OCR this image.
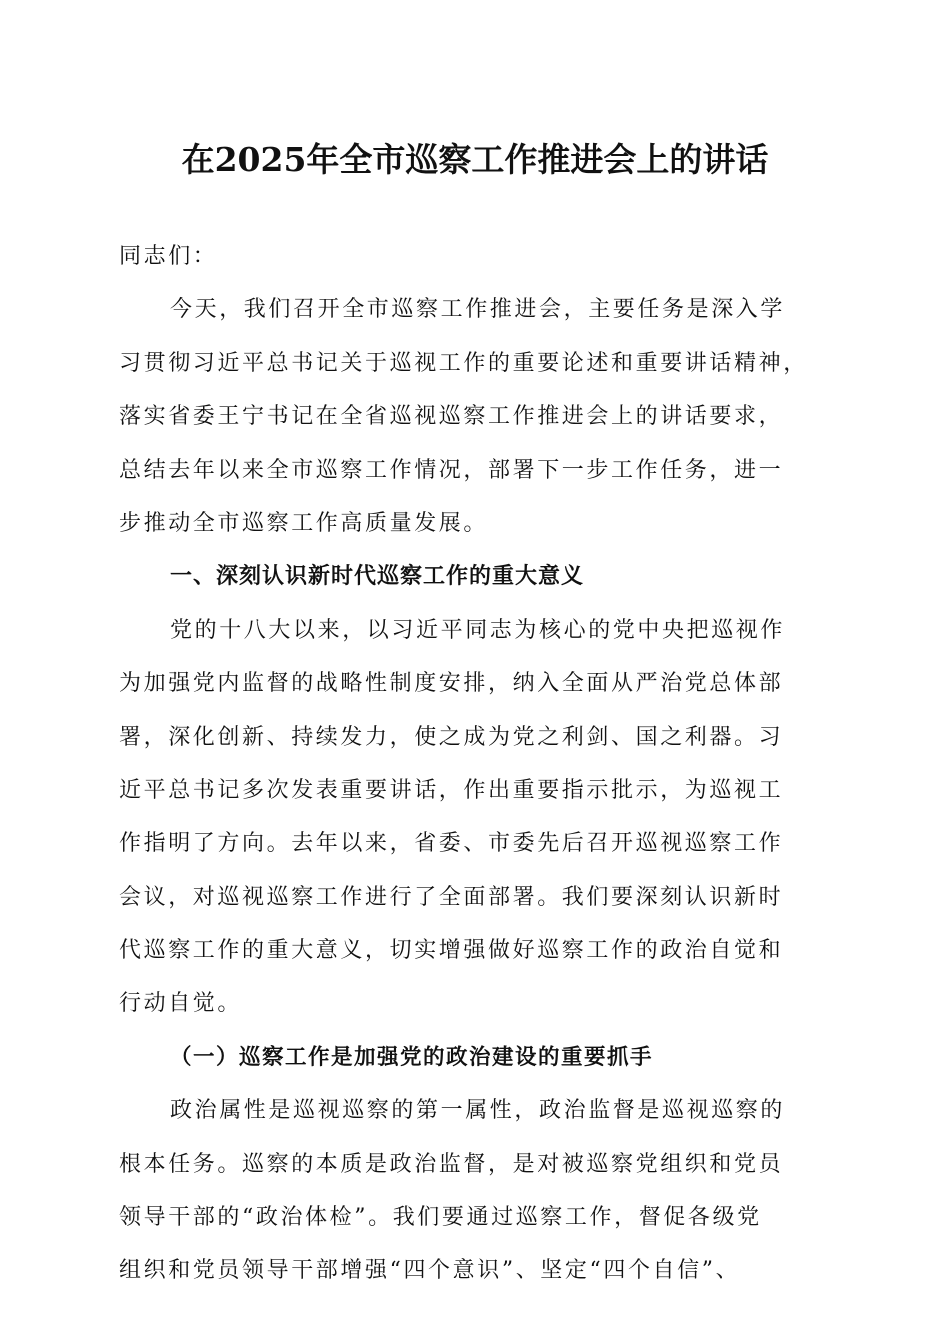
在2025年全市巡察工作推进会上的讲话
同志们：
今天，我们召开全市巡察工作推进会，主要任务是深入学
习贯彻习近平总书记关于巡视工作的重要论述和重要讲话精神，
落实省委王宁书记在全省巡视巡察工作推进会上的讲话要求，
总结去年以来全市巡察工作情况，部署下一步工作任务，进一
步推动全市巡察工作高质量发展。
一、深刻认识新时代巡察工作的重大意义
党的十八大以来，以习近平同志为核心的党中央把巡视作
为加强党内监督的战略性制度安排，纳入全面从严治党总体部
署，深化创新、持续发力，使之成为党之利剑、国之利器。习
近平总书记多次发表重要讲话，作出重要指示批示，为巡视工
作指明了方向。去年以来，省委、市委先后召开巡视巡察工作
会议，对巡视巡察工作进行了全面部署。我们要深刻认识新时
代巡察工作的重大意义，切实增强做好巡察工作的政治自觉和
行动自觉。
（一）巡察工作是加强党的政治建设的重要抓手
政治属性是巡视巡察的第一属性，政治监督是巡视巡察的
根本任务。巡察的本质是政治监督，是对被巡察党组织和党员
领导干部的“政治体检”。我们要通过巡察工作，督促各级党
组织和党员领导干部增强“四个意识”、坚定“四个自信”、
